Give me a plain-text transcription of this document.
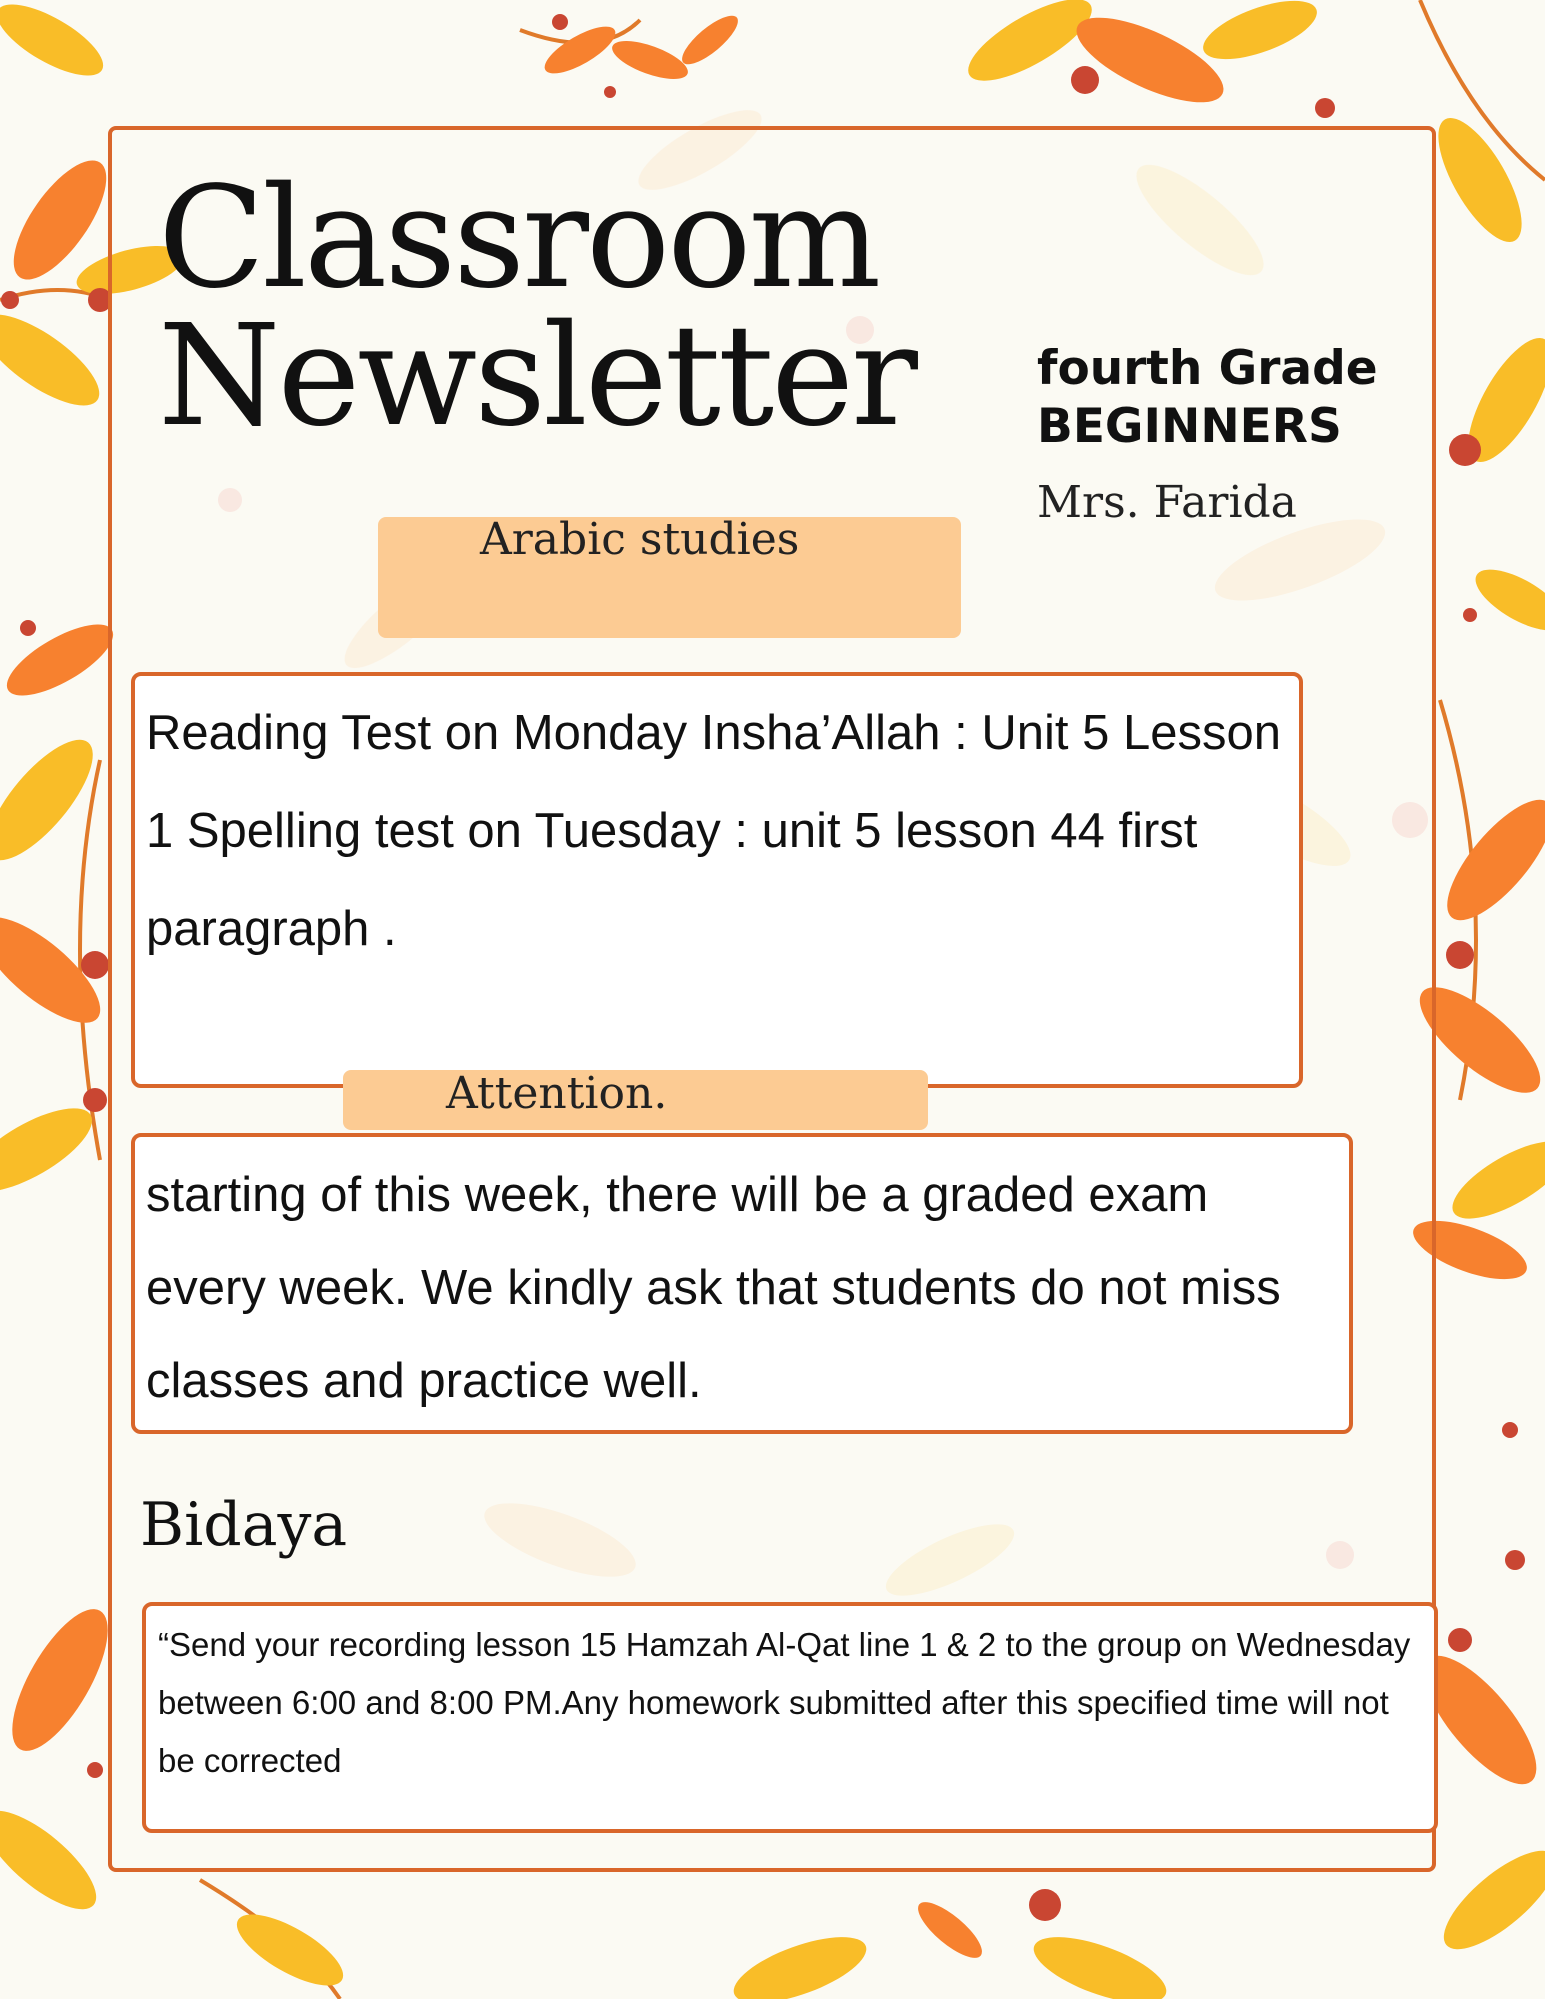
Classroom
Newsletter	fourth Grade
BEGINNERS
Mrs. Farida
Arabic studies

Reading Test on Monday Insha’Allah : Unit 5 Lesson 1 Spelling test on Tuesday : unit 5 lesson 44 first paragraph .

Attention.

starting of this week, there will be a graded exam every week. We kindly ask that students do not miss classes and practice well.

Bidaya

“Send your recording lesson 15 Hamzah Al-Qat line 1 & 2 to the group on Wednesday between 6:00 and 8:00 PM.Any homework submitted after this specified time will not be corrected
